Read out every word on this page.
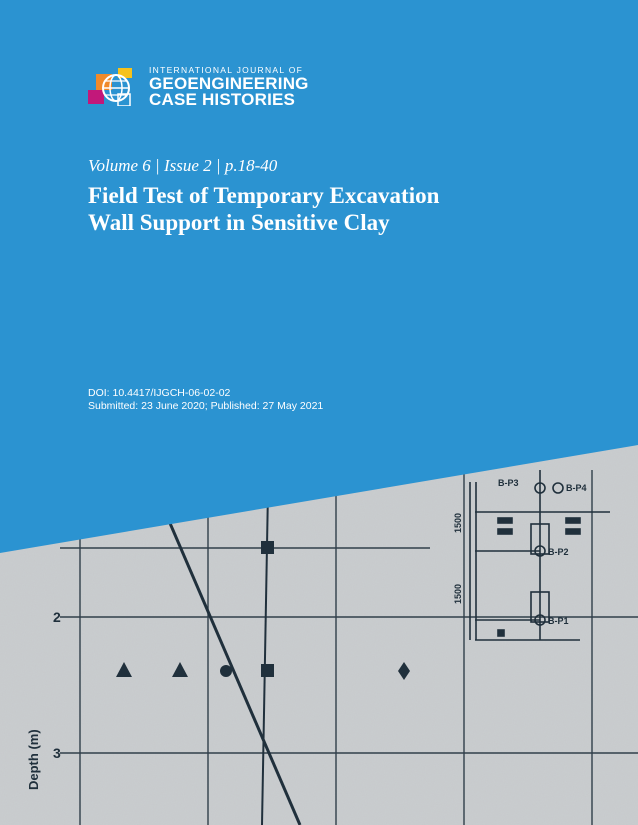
2
3
Depth (m)
1500
1500
B-P3	B-P4
B-P2
B-P1
INTERNATIONAL JOURNAL OF
GEOENGINEERING
CASE HISTORIES
Volume 6 | Issue 2 | p.18-40
Field Test of Temporary Excavation
Wall Support in Sensitive Clay
DOI: 10.4417/IJGCH-06-02-02
Submitted: 23 June 2020; Published: 27 May 2021
